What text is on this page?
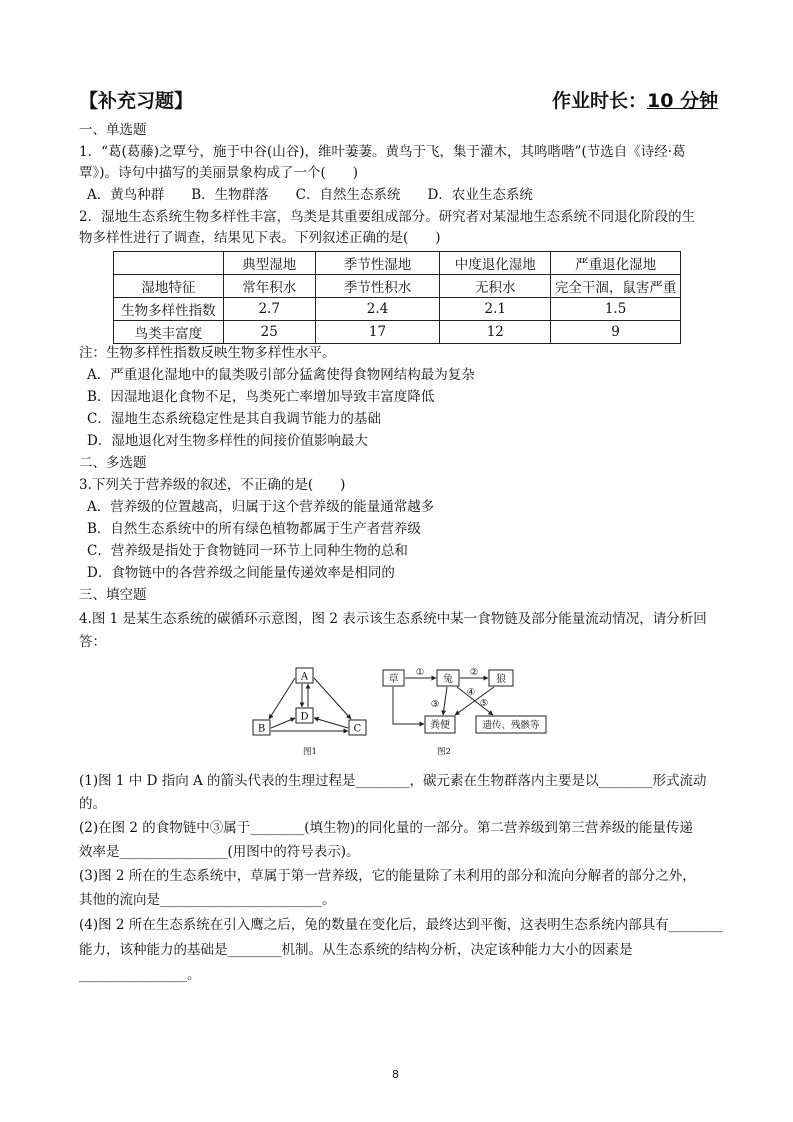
【补充习题】	作业时长：10 分钟
一、单选题
1．“葛(葛藤)之覃兮，施于中谷(山谷)，维叶萋萋。黄鸟于飞，集于灌木，其鸣喈喈”(节选自《诗经·葛
覃》)。诗句中描写的美丽景象构成了一个(　　)
A．黄鸟种群　　B．生物群落　　C．自然生态系统　　D．农业生态系统
2．湿地生态系统生物多样性丰富，鸟类是其重要组成部分。研究者对某湿地生态系统不同退化阶段的生
物多样性进行了调查，结果见下表。下列叙述正确的是(　　)
	典型湿地	季节性湿地	中度退化湿地	严重退化湿地
湿地特征	常年积水	季节性积水	无积水	完全干涸，鼠害严重
生物多样性指数	2.7	2.4	2.1	1.5
鸟类丰富度	25	17	12	9
注：生物多样性指数反映生物多样性水平。
A．严重退化湿地中的鼠类吸引部分猛禽使得食物网结构最为复杂
B．因湿地退化食物不足，鸟类死亡率增加导致丰富度降低
C．湿地生态系统稳定性是其自我调节能力的基础
D．湿地退化对生物多样性的间接价值影响最大
二、多选题
3.下列关于营养级的叙述，不正确的是(　　)
A．营养级的位置越高，归属于这个营养级的能量通常越多
B．自然生态系统中的所有绿色植物都属于生产者营养级
C．营养级是指处于食物链同一环节上同种生物的总和
D．食物链中的各营养级之间能量传递效率是相同的
三、填空题
4.图 1 是某生态系统的碳循环示意图，图 2 表示该生态系统中某一食物链及部分能量流动情况，请分析回
答：
A
D
B	C
图1
草	兔	狼
粪便	遗传、残骸等
①	②
③
④
⑤
图2
(1)图 1 中 D 指向 A 的箭头代表的生理过程是________，碳元素在生物群落内主要是以________形式流动
的。
(2)在图 2 的食物链中③属于________(填生物)的同化量的一部分。第二营养级到第三营养级的能量传递
效率是________________(用图中的符号表示)。
(3)图 2 所在的生态系统中，草属于第一营养级，它的能量除了未利用的部分和流向分解者的部分之外，
其他的流向是________________________。
(4)图 2 所在生态系统在引入鹰之后，兔的数量在变化后，最终达到平衡，这表明生态系统内部具有________
能力，该种能力的基础是________机制。从生态系统的结构分析，决定该种能力大小的因素是
________________。
8
